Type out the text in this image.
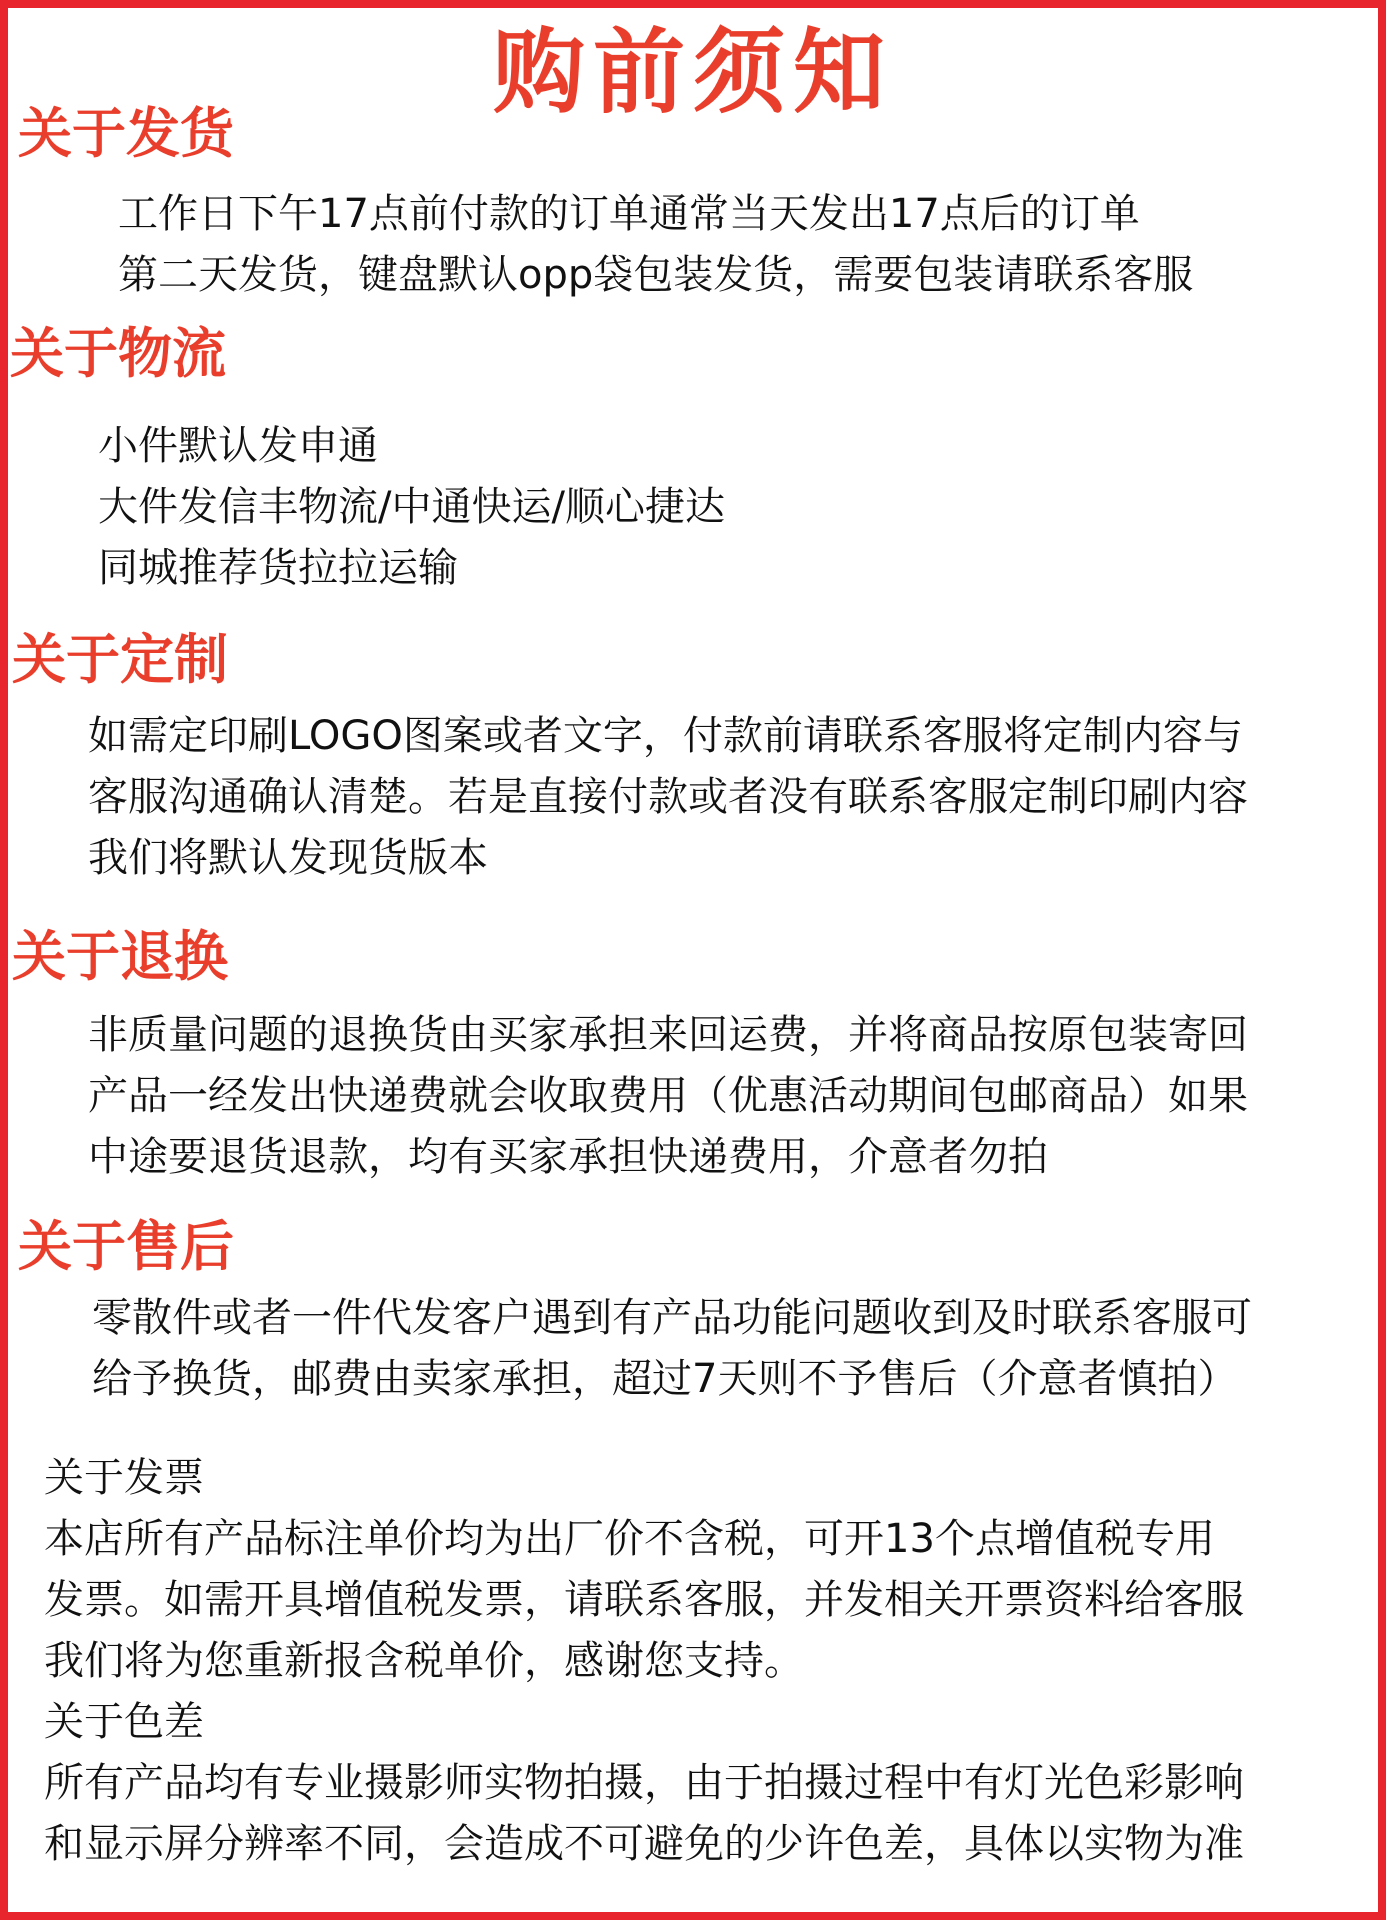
购前须知
关于发货
工作日下午17点前付款的订单通常当天发出17点后的订单
第二天发货，键盘默认opp袋包装发货，需要包装请联系客服
关于物流
小件默认发申通
大件发信丰物流/中通快运/顺心捷达
同城推荐货拉拉运输
关于定制
如需定印刷LOGO图案或者文字，付款前请联系客服将定制内容与
客服沟通确认清楚。若是直接付款或者没有联系客服定制印刷内容
我们将默认发现货版本
关于退换
非质量问题的退换货由买家承担来回运费，并将商品按原包装寄回
产品一经发出快递费就会收取费用（优惠活动期间包邮商品）如果
中途要退货退款，均有买家承担快递费用，介意者勿拍
关于售后
零散件或者一件代发客户遇到有产品功能问题收到及时联系客服可
给予换货，邮费由卖家承担，超过7天则不予售后（介意者慎拍）
关于发票
本店所有产品标注单价均为出厂价不含税，可开13个点增值税专用
发票。如需开具增值税发票，请联系客服，并发相关开票资料给客服
我们将为您重新报含税单价，感谢您支持。
关于色差
所有产品均有专业摄影师实物拍摄，由于拍摄过程中有灯光色彩影响
和显示屏分辨率不同，会造成不可避免的少许色差，具体以实物为准
